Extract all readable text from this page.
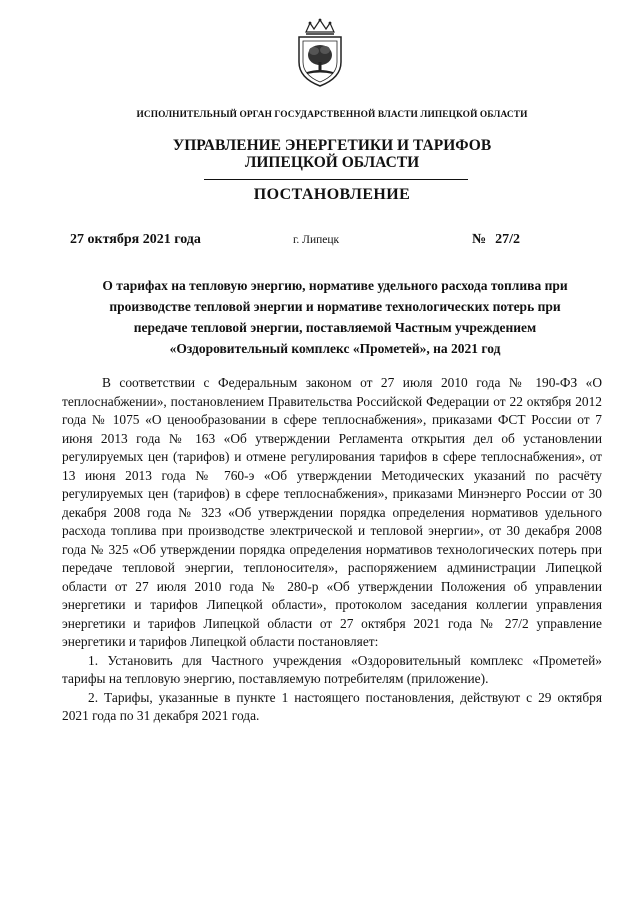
ИСПОЛНИТЕЛЬНЫЙ ОРГАН ГОСУДАРСТВЕННОЙ ВЛАСТИ ЛИПЕЦКОЙ ОБЛАСТИ
УПРАВЛЕНИЕ ЭНЕРГЕТИКИ И ТАРИФОВ
ЛИПЕЦКОЙ ОБЛАСТИ
ПОСТАНОВЛЕНИЕ
27 октября 2021 года	г. Липецк	№ 27/2
О тарифах на тепловую энергию, нормативе удельного расхода топлива при
производстве тепловой энергии и нормативе технологических потерь при
передаче тепловой энергии, поставляемой Частным учреждением
«Оздоровительный комплекс «Прометей», на 2021 год

В соответствии с Федеральным законом от 27 июля 2010 года № 190-ФЗ «О теплоснабжении», постановлением Правительства Российской Федерации от 22 октября 2012 года № 1075 «О ценообразовании в сфере теплоснабжения», приказами ФСТ России от 7 июня 2013 года № 163 «Об утверждении Регламента открытия дел об установлении регулируемых цен (тарифов) и отмене регулирования тарифов в сфере теплоснабжения», от 13 июня 2013 года № 760-э «Об утверждении Методических указаний по расчёту регулируемых цен (тарифов) в сфере теплоснабжения», приказами Минэнерго России от 30 декабря 2008 года № 323 «Об утверждении порядка определения нормативов удельного расхода топлива при производстве электрической и тепловой энергии», от 30 декабря 2008 года № 325 «Об утверждении порядка определения нормативов технологических потерь при передаче тепловой энергии, теплоносителя», распоряжением администрации Липецкой области от 27 июля 2010 года № 280-р «Об утверждении Положения об управлении энергетики и тарифов Липецкой области», протоколом заседания коллегии управления энергетики и тарифов Липецкой области от 27 октября 2021 года № 27/2 управление энергетики и тарифов Липецкой области постановляет:

1. Установить для Частного учреждения «Оздоровительный комплекс «Прометей» тарифы на тепловую энергию, поставляемую потребителям (приложение).

2. Тарифы, указанные в пункте 1 настоящего постановления, действуют с 29 октября 2021 года по 31 декабря 2021 года.
